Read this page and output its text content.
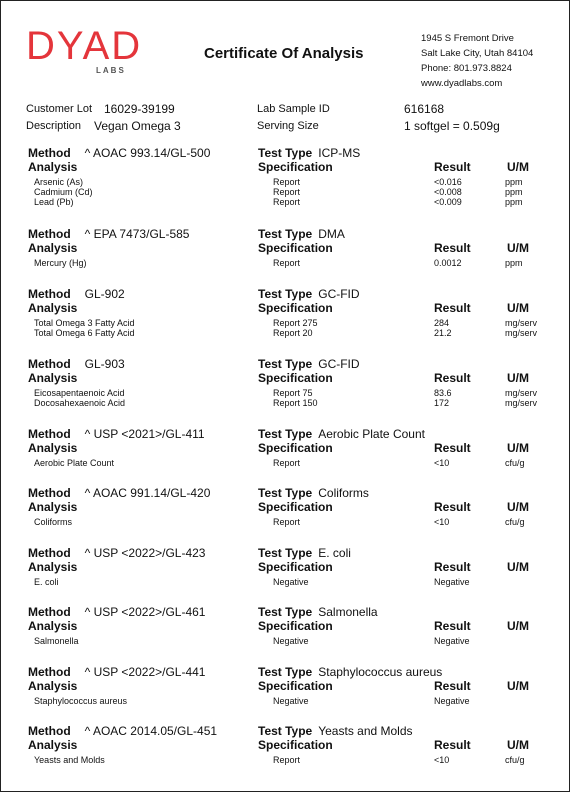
DYAD
LABS
Certificate Of Analysis
1945 S Fremont Drive
Salt Lake City, Utah 84104
Phone: 801.973.8824
www.dyadlabs.com
Customer Lot 16029-39199
Description Vegan Omega 3
Lab Sample ID	616168
Serving Size	1 softgel = 0.509g
Method ^ AOAC 993.14/GL-500	Test Type ICP-MS
Analysis	Specification	Result	U/M
Arsenic (As)	Report	<0.016	ppm
Cadmium (Cd)	Report	<0.008	ppm
Lead (Pb)	Report	<0.009	ppm
Method ^ EPA 7473/GL-585	Test Type DMA
Analysis	Specification	Result	U/M
Mercury (Hg)	Report	0.0012	ppm
Method GL-902	Test Type GC-FID
Analysis	Specification	Result	U/M
Total Omega 3 Fatty Acid	Report 275	284	mg/serv
Total Omega 6 Fatty Acid	Report 20	21.2	mg/serv
Method GL-903	Test Type GC-FID
Analysis	Specification	Result	U/M
Eicosapentaenoic Acid	Report 75	83.6	mg/serv
Docosahexaenoic Acid	Report 150	172	mg/serv
Method ^ USP <2021>/GL-411	Test Type Aerobic Plate Count
Analysis	Specification	Result	U/M
Aerobic Plate Count	Report	<10	cfu/g
Method ^ AOAC 991.14/GL-420	Test Type Coliforms
Analysis	Specification	Result	U/M
Coliforms	Report	<10	cfu/g
Method ^ USP <2022>/GL-423	Test Type E. coli
Analysis	Specification	Result	U/M
E. coli	Negative	Negative
Method ^ USP <2022>/GL-461	Test Type Salmonella
Analysis	Specification	Result	U/M
Salmonella	Negative	Negative
Method ^ USP <2022>/GL-441	Test Type Staphylococcus aureus
Analysis	Specification	Result	U/M
Staphylococcus aureus	Negative	Negative
Method ^ AOAC 2014.05/GL-451	Test Type Yeasts and Molds
Analysis	Specification	Result	U/M
Yeasts and Molds	Report	<10	cfu/g
